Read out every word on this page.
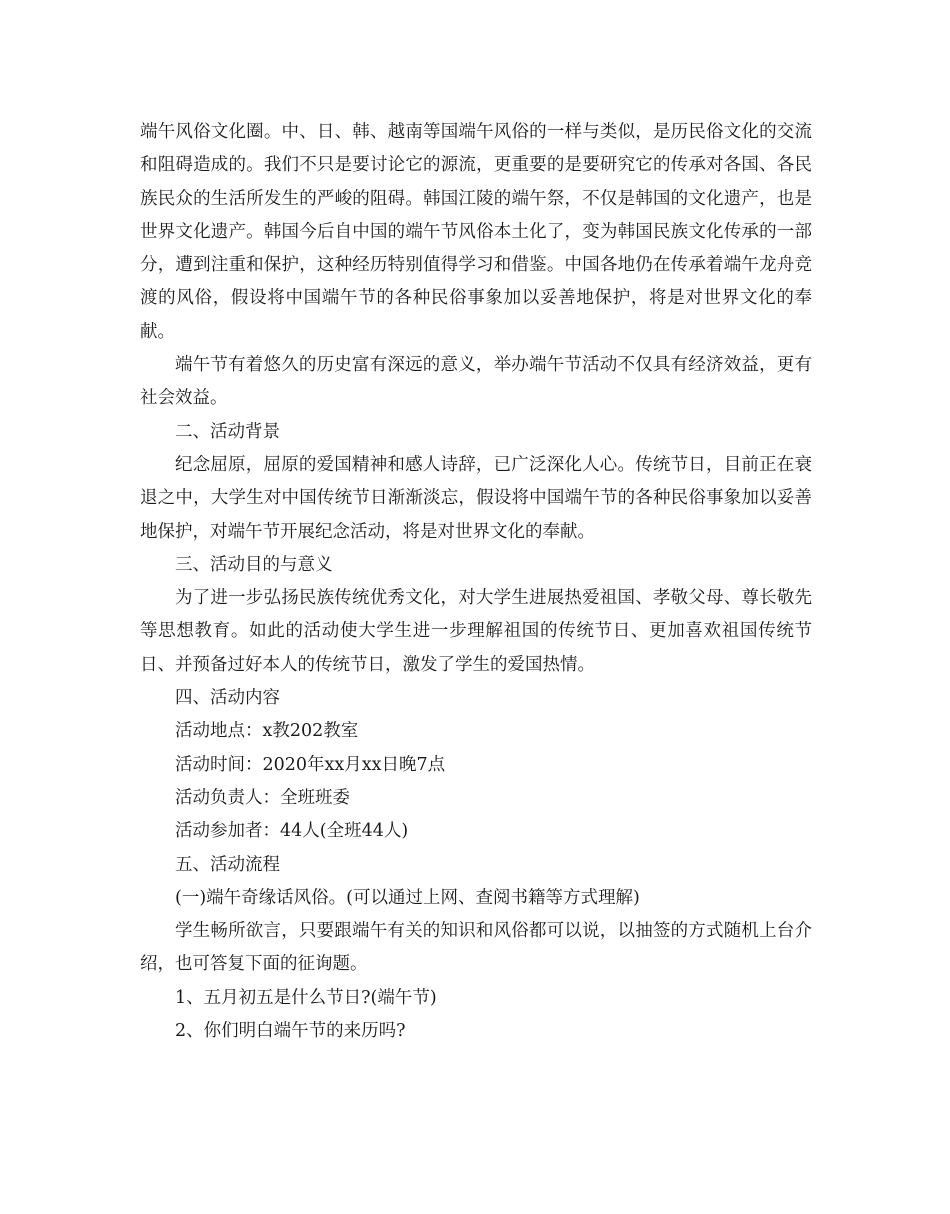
端午风俗文化圈。中、日、韩、越南等国端午风俗的一样与类似，是历民俗文化的交流和阻碍造成的。我们不只是要讨论它的源流，更重要的是要研究它的传承对各国、各民族民众的生活所发生的严峻的阻碍。韩国江陵的端午祭，不仅是韩国的文化遗产，也是世界文化遗产。韩国今后自中国的端午节风俗本土化了，变为韩国民族文化传承的一部分，遭到注重和保护，这种经历特别值得学习和借鉴。中国各地仍在传承着端午龙舟竞渡的风俗，假设将中国端午节的各种民俗事象加以妥善地保护，将是对世界文化的奉献。

端午节有着悠久的历史富有深远的意义，举办端午节活动不仅具有经济效益，更有社会效益。

二、活动背景

纪念屈原，屈原的爱国精神和感人诗辞，已广泛深化人心。传统节日，目前正在衰退之中，大学生对中国传统节日渐渐淡忘，假设将中国端午节的各种民俗事象加以妥善地保护，对端午节开展纪念活动，将是对世界文化的奉献。

三、活动目的与意义

为了进一步弘扬民族传统优秀文化，对大学生进展热爱祖国、孝敬父母、尊长敬先等思想教育。如此的活动使大学生进一步理解祖国的传统节日、更加喜欢祖国传统节日、并预备过好本人的传统节日，激发了学生的爱国热情。

四、活动内容

活动地点：x教202教室

活动时间：2020年xx月xx日晚7点

活动负责人：全班班委

活动参加者：44人(全班44人)

五、活动流程

(一)端午奇缘话风俗。(可以通过上网、查阅书籍等方式理解)

学生畅所欲言，只要跟端午有关的知识和风俗都可以说，以抽签的方式随机上台介绍，也可答复下面的征询题。

1、五月初五是什么节日?(端午节)

2、你们明白端午节的来历吗?
